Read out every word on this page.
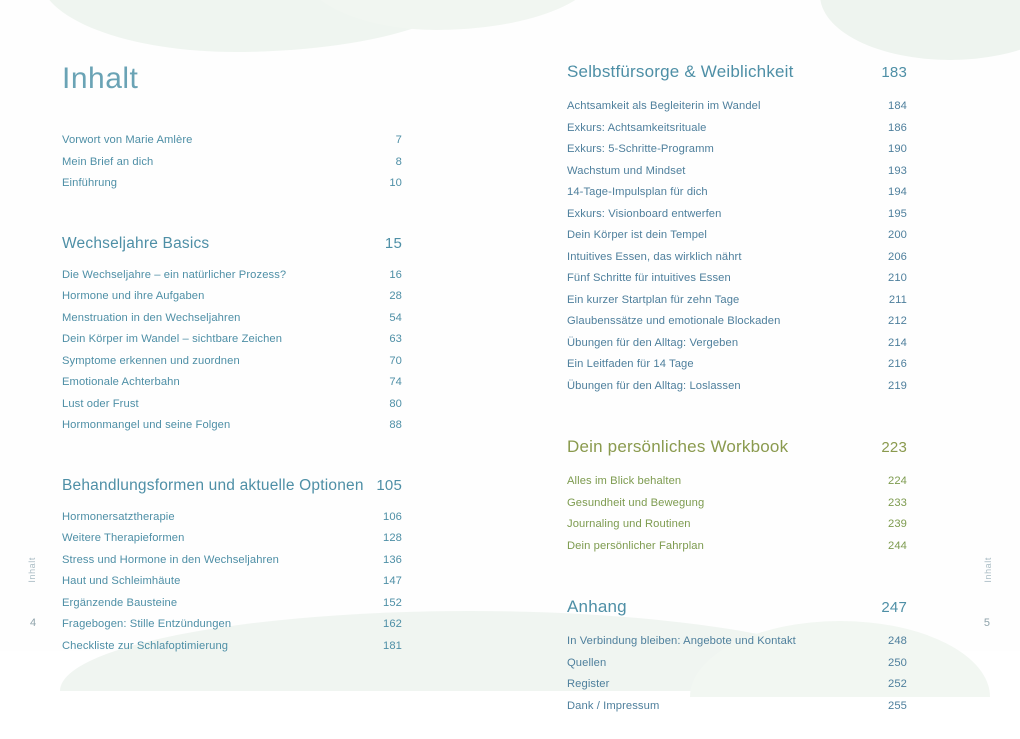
Inhalt
Vorwort von Marie Amlère	7
Mein Brief an dich	8
Einführung	10
Wechseljahre Basics	15
Die Wechseljahre – ein natürlicher Prozess?	16
Hormone und ihre Aufgaben	28
Menstruation in den Wechseljahren	54
Dein Körper im Wandel – sichtbare Zeichen	63
Symptome erkennen und zuordnen	70
Emotionale Achterbahn	74
Lust oder Frust	80
Hormonmangel und seine Folgen	88
Behandlungsformen und aktuelle Optionen 105
Hormonersatztherapie	106
Weitere Therapieformen	128
Stress und Hormone in den Wechseljahren	136
Haut und Schleimhäute	147
Ergänzende Bausteine	152
Fragebogen: Stille Entzündungen	162
Checkliste zur Schlafoptimierung	181
Selbstfürsorge & Weiblichkeit	183
Achtsamkeit als Begleiterin im Wandel	184
Exkurs: Achtsamkeitsrituale	186
Exkurs: 5-Schritte-Programm	190
Wachstum und Mindset	193
14-Tage-Impulsplan für dich	194
Exkurs: Visionboard entwerfen	195
Dein Körper ist dein Tempel	200
Intuitives Essen, das wirklich nährt	206
Fünf Schritte für intuitives Essen	210
Ein kurzer Startplan für zehn Tage	211
Glaubenssätze und emotionale Blockaden	212
Übungen für den Alltag: Vergeben	214
Ein Leitfaden für 14 Tage	216
Übungen für den Alltag: Loslassen	219
Dein persönliches Workbook	223
Alles im Blick behalten	224
Gesundheit und Bewegung	233
Journaling und Routinen	239
Dein persönlicher Fahrplan	244
Anhang	247
In Verbindung bleiben: Angebote und Kontakt	248
Quellen	250
Register	252
Dank / Impressum	255
Inhalt	Inhalt
4	5
